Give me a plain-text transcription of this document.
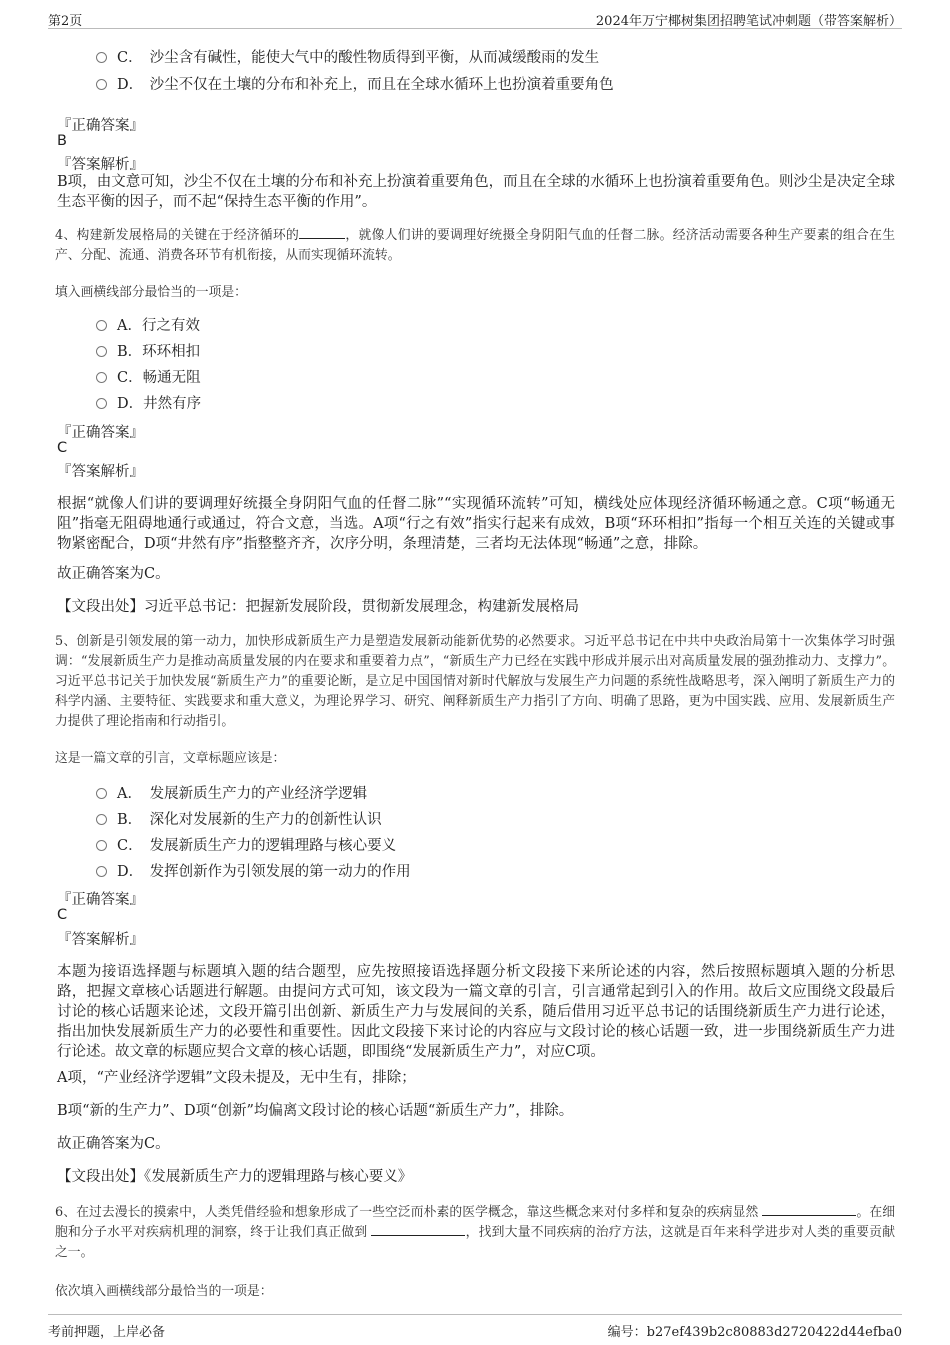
第2页	2024年万宁椰树集团招聘笔试冲刺题（带答案解析）
C． 沙尘含有碱性，能使大气中的酸性物质得到平衡，从而减缓酸雨的发生
D． 沙尘不仅在土壤的分布和补充上，而且在全球水循环上也扮演着重要角色
『正确答案』
B
『答案解析』
B项，由文意可知，沙尘不仅在土壤的分布和补充上扮演着重要角色，而且在全球的水循环上也扮演着重要角色。则沙尘是决定全球生态平衡的因子，而不起“保持生态平衡的作用”。
4、构建新发展格局的关键在于经济循环的	，就像人们讲的要调理好统摄全身阴阳气血的任督二脉。经济活动需要各种生产要素的组合在生产、分配、流通、消费各环节有机衔接，从而实现循环流转。
填入画横线部分最恰当的一项是：
A．行之有效
B．环环相扣
C．畅通无阻
D．井然有序
『正确答案』
C
『答案解析』
根据“就像人们讲的要调理好统摄全身阴阳气血的任督二脉”“实现循环流转”可知，横线处应体现经济循环畅通之意。C项“畅通无阻”指毫无阻碍地通行或通过，符合文意，当选。A项“行之有效”指实行起来有成效，B项“环环相扣”指每一个相互关连的关键或事物紧密配合，D项“井然有序”指整整齐齐，次序分明，条理清楚，三者均无法体现“畅通”之意，排除。
故正确答案为C。
【文段出处】习近平总书记：把握新发展阶段，贯彻新发展理念，构建新发展格局
5、创新是引领发展的第一动力，加快形成新质生产力是塑造发展新动能新优势的必然要求。习近平总书记在中共中央政治局第十一次集体学习时强调：“发展新质生产力是推动高质量发展的内在要求和重要着力点”，“新质生产力已经在实践中形成并展示出对高质量发展的强劲推动力、支撑力”。习近平总书记关于加快发展“新质生产力”的重要论断，是立足中国国情对新时代解放与发展生产力问题的系统性战略思考，深入阐明了新质生产力的科学内涵、主要特征、实践要求和重大意义，为理论界学习、研究、阐释新质生产力指引了方向、明确了思路，更为中国实践、应用、发展新质生产力提供了理论指南和行动指引。
这是一篇文章的引言，文章标题应该是：
A． 发展新质生产力的产业经济学逻辑
B． 深化对发展新的生产力的创新性认识
C． 发展新质生产力的逻辑理路与核心要义
D． 发挥创新作为引领发展的第一动力的作用
『正确答案』
C
『答案解析』
本题为接语选择题与标题填入题的结合题型，应先按照接语选择题分析文段接下来所论述的内容，然后按照标题填入题的分析思路，把握文章核心话题进行解题。由提问方式可知，该文段为一篇文章的引言，引言通常起到引入的作用。故后文应围绕文段最后讨论的核心话题来论述，文段开篇引出创新、新质生产力与发展间的关系，随后借用习近平总书记的话围绕新质生产力进行论述，指出加快发展新质生产力的必要性和重要性。因此文段接下来讨论的内容应与文段讨论的核心话题一致，进一步围绕新质生产力进行论述。故文章的标题应契合文章的核心话题，即围绕“发展新质生产力”，对应C项。
A项，“产业经济学逻辑”文段未提及，无中生有，排除；
B项“新的生产力”、D项“创新”均偏离文段讨论的核心话题“新质生产力”，排除。
故正确答案为C。
【文段出处】《发展新质生产力的逻辑理路与核心要义》
6、在过去漫长的摸索中，人类凭借经验和想象形成了一些空泛而朴素的医学概念，靠这些概念来对付多样和复杂的疾病显然	。在细胞和分子水平对疾病机理的洞察，终于让我们真正做到	，找到大量不同疾病的治疗方法，这就是百年来科学进步对人类的重要贡献之一。
依次填入画横线部分最恰当的一项是：
考前押题，上岸必备	编号：b27ef439b2c80883d2720422d44efba0
